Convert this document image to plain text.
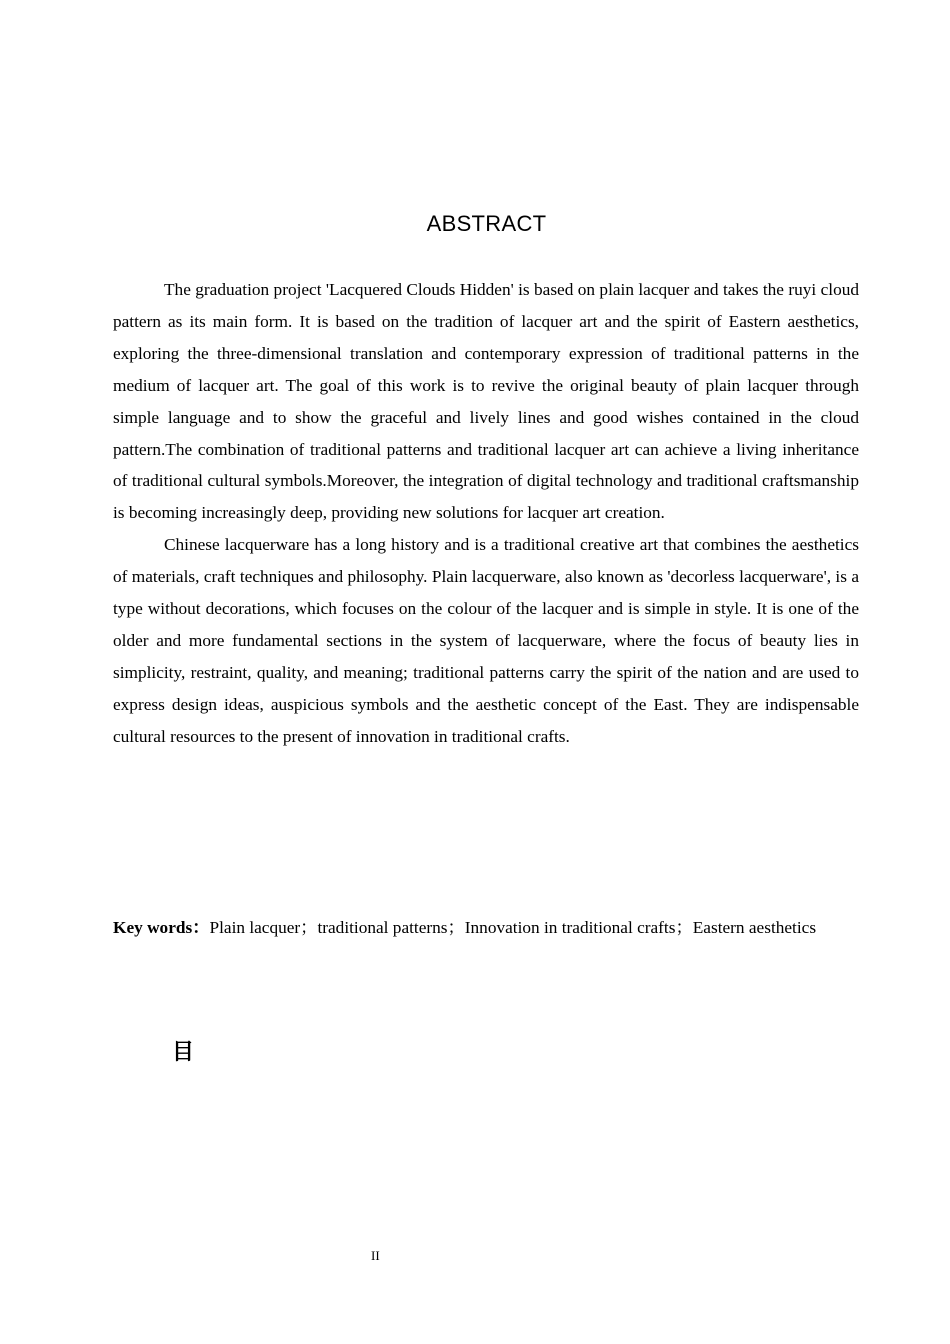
ABSTRACT

The graduation project 'Lacquered Clouds Hidden' is based on plain lacquer and takes the ruyi cloud pattern as its main form. It is based on the tradition of lacquer art and the spirit of Eastern aesthetics, exploring the three-dimensional translation and contemporary expression of traditional patterns in the medium of lacquer art. The goal of this work is to revive the original beauty of plain lacquer through simple language and to show the graceful and lively lines and good wishes contained in the cloud pattern.The combination of traditional patterns and traditional lacquer art can achieve a living inheritance of traditional cultural symbols.Moreover, the integration of digital technology and traditional craftsmanship is becoming increasingly deep, providing new solutions for lacquer art creation.

Chinese lacquerware has a long history and is a traditional creative art that combines the aesthetics of materials, craft techniques and philosophy. Plain lacquerware, also known as 'decorless lacquerware', is a type without decorations, which focuses on the colour of the lacquer and is simple in style. It is one of the older and more fundamental sections in the system of lacquerware, where the focus of beauty lies in simplicity, restraint, quality, and meaning; traditional patterns carry the spirit of the nation and are used to express design ideas, auspicious symbols and the aesthetic concept of the East. They are indispensable cultural resources to the present of innovation in traditional crafts.

Key words：Plain lacquer；traditional patterns；Innovation in traditional crafts；Eastern aesthetics

目
II
